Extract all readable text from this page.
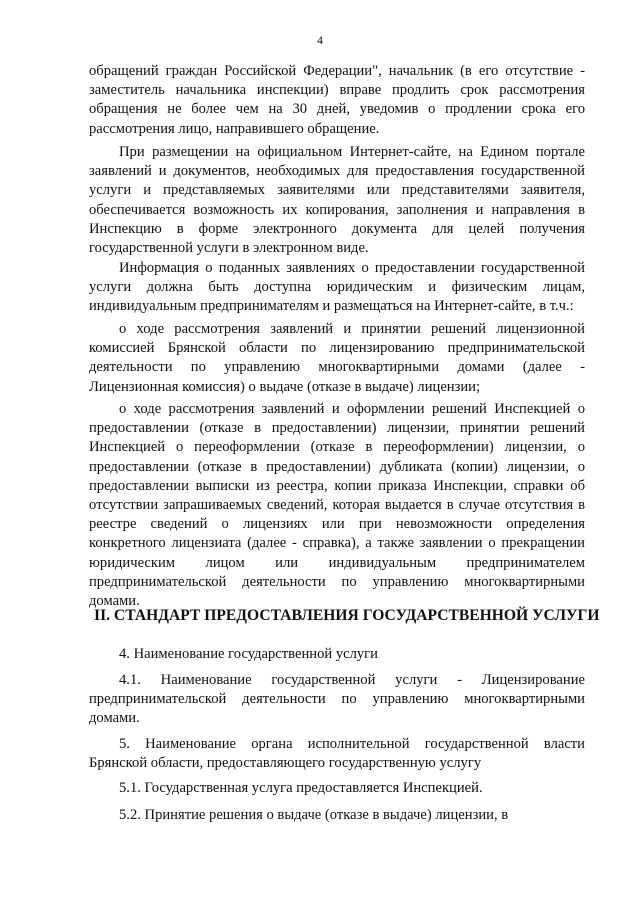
4

обращений граждан Российской Федерации", начальник (в его отсутствие - заместитель начальника инспекции) вправе продлить срок рассмотрения обращения не более чем на 30 дней, уведомив о продлении срока его рассмотрения лицо, направившего обращение.

При размещении на официальном Интернет-сайте, на Едином портале заявлений и документов, необходимых для предоставления государственной услуги и представляемых заявителями или представителями заявителя, обеспечивается возможность их копирования, заполнения и направления в Инспекцию в форме электронного документа для целей получения государственной услуги в электронном виде.

Информация о поданных заявлениях о предоставлении государственной услуги должна быть доступна юридическим и физическим лицам, индивидуальным предпринимателям и размещаться на Интернет-сайте, в т.ч.:

о ходе рассмотрения заявлений и принятии решений лицензионной комиссией Брянской области по лицензированию предпринимательской деятельности по управлению многоквартирными домами (далее - Лицензионная комиссия) о выдаче (отказе в выдаче) лицензии;

о ходе рассмотрения заявлений и оформлении решений Инспекцией о предоставлении (отказе в предоставлении) лицензии, принятии решений Инспекцией о переоформлении (отказе в переоформлении) лицензии, о предоставлении (отказе в предоставлении) дубликата (копии) лицензии, о предоставлении выписки из реестра, копии приказа Инспекции, справки об отсутствии запрашиваемых сведений, которая выдается в случае отсутствия в реестре сведений о лицензиях или при невозможности определения конкретного лицензиата (далее - справка), а также заявлении о прекращении юридическим лицом или индивидуальным предпринимателем предпринимательской деятельности по управлению многоквартирными домами.

II. СТАНДАРТ ПРЕДОСТАВЛЕНИЯ ГОСУДАРСТВЕННОЙ УСЛУГИ

4. Наименование государственной услуги

4.1. Наименование государственной услуги - Лицензирование предпринимательской деятельности по управлению многоквартирными домами.

5. Наименование органа исполнительной государственной власти Брянской области, предоставляющего государственную услугу

5.1. Государственная услуга предоставляется Инспекцией.

5.2. Принятие решения о выдаче (отказе в выдаче) лицензии, в
